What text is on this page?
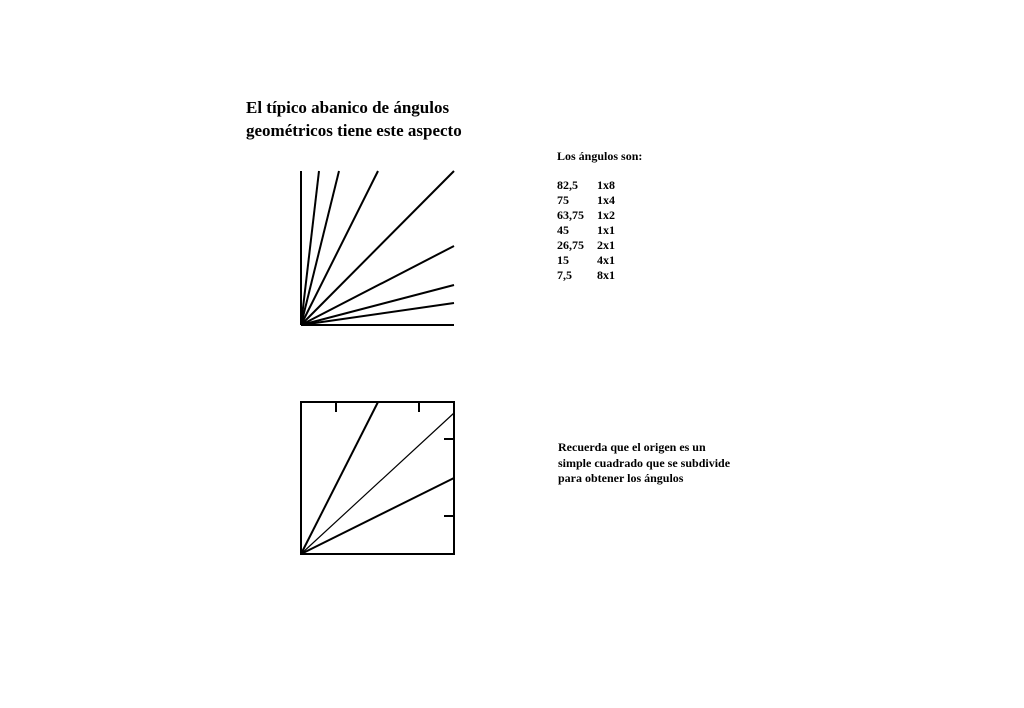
El típico abanico de ángulos
geométricos tiene este aspecto
Los ángulos son:
82,5	1x8
75	1x4
63,75	1x2
45	1x1
26,75	2x1
15	4x1
7,5	8x1
Recuerda que el origen es un
simple cuadrado que se subdivide
para obtener los ángulos
